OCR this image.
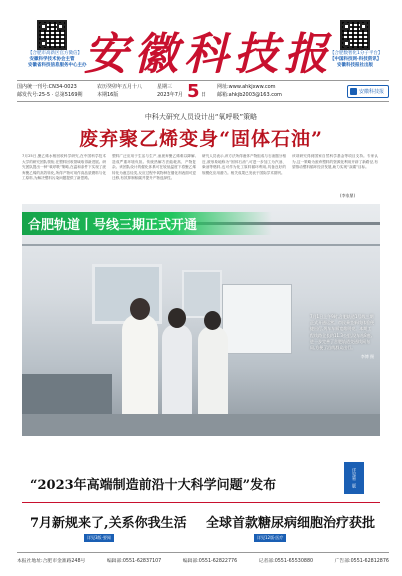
【合肥市高新区官方微信】
安徽科学技术协会主管
安徽省科技信息服务中心主办
安徽科技报
【合肥数智化1分子平台】
【中国科技网·科技资讯】
安徽科技报社出版
国内统一刊号:CN34-0023
邮发代号:25-5 · 总第5169期
农历癸卯年五月十八
本期16版	2023年7月
星期三 5 日
网址:www.ahkjxww.com
邮箱:ahkjb2003@163.com	安徽科技报
中科大研究人员设计出“氧呼吸”策略
废弃聚乙烯变身“固体石油”
7月25日,聚乙烯水相回收科学研究,在中国科学技术大学的研究团队领衔,在塑料回收领域取得新进展。研究团队提出一种“氧呼吸”策略,在温和条件下实现了废弃聚乙烯的高效转化,所得产物可用作高品质燃料与化工原料,为解决塑料污染问题提供了新思路。
塑料广泛应用于生活与生产,而废弃聚乙烯难以降解,造成严重环境负担。传统热解方法能耗高、产物复杂。该团队设计的催化体系可在较低温度下将聚乙烯转化为液态烃类,反应过程中氧物种在催化剂表面可逆迁移,有效抑制积碳并提升产物选择性。
研究人员表示,该方法所得液体产物组成与石油馏分相近,被形象地称为“固体石油”,可进一步加工为汽油、柴油等燃料,也可作为化工原料循环利用,具备良好的规模化应用潜力。相关成果已发表于国际学术期刊。
该项研究得到国家自然科学基金等项目支持。专家认为,这一策略为废弃塑料的资源化利用开辟了新路径,有望推动塑料循环经济发展,助力实现“双碳”目标。
(李家鼎)
合肥轨道丨号线三期正式开通
7月1日上午9时,合肥轨道1号线三期正式开通运营。市民乘坐新线体验便捷出行,列车车厢宽敞明亮。本期工程线路全长约11.3公里,设车站8座,进一步完善了合肥轨道交通线网布局,方便了沿线群众出行。
李博 摄
“2023年高端制造前沿十大科学问题”发布	详见第二版
7月新规来了,关系你我生活
详见3版·要闻
全球首款糖尿病细胞治疗获批
详见12版·医疗
本报社地址:合肥市金寨路248号	编辑部:0551-62837107	编辑部:0551-62822776	记者部:0551-65530880	广告部:0551-62812876
